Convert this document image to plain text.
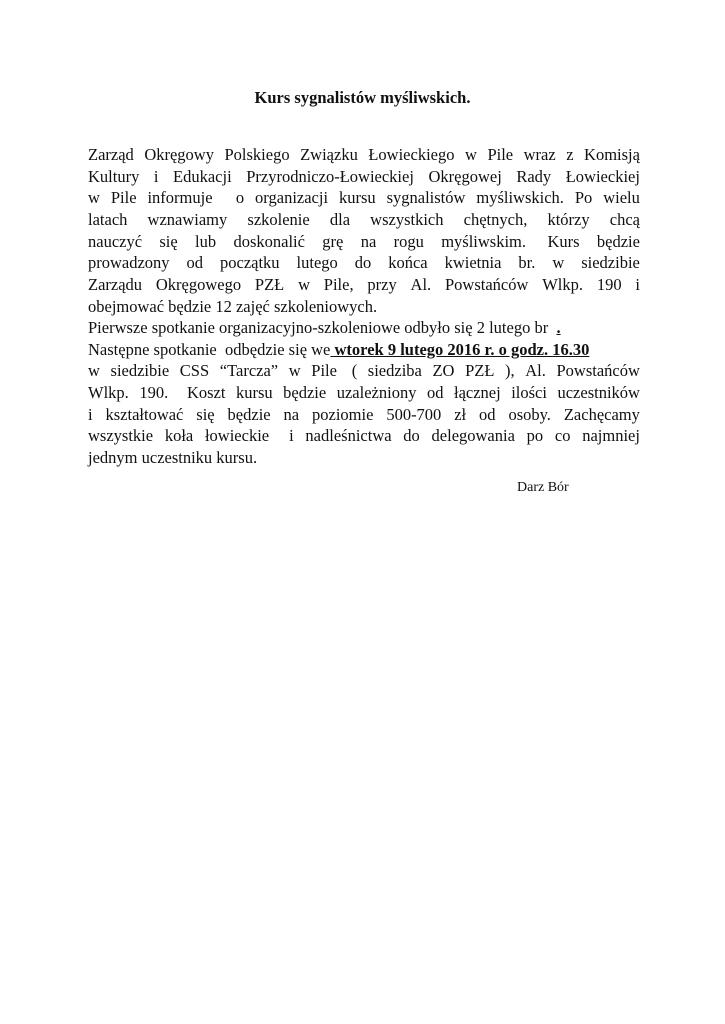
Kurs sygnalistów myśliwskich.
Zarząd Okręgowy Polskiego Związku Łowieckiego w Pile wraz z Komisją
Kultury i Edukacji Przyrodniczo-Łowieckiej Okręgowej Rady Łowieckiej
w Pile informuje o organizacji kursu sygnalistów myśliwskich. Po wielu
latach wznawiamy szkolenie dla wszystkich chętnych, którzy chcą
nauczyć się lub doskonalić grę na rogu myśliwskim. Kurs będzie
prowadzony od początku lutego do końca kwietnia br. w siedzibie
Zarządu Okręgowego PZŁ w Pile, przy Al. Powstańców Wlkp. 190 i
obejmować będzie 12 zajęć szkoleniowych.
Pierwsze spotkanie organizacyjno-szkoleniowe odbyło się 2 lutego br .
Następne spotkanie  odbędzie się we wtorek 9 lutego 2016 r. o godz. 16.30
w siedzibie CSS “Tarcza” w Pile ( siedziba ZO PZŁ ), Al. Powstańców
Wlkp. 190. Koszt kursu będzie uzależniony od łącznej ilości uczestników
i kształtować się będzie na poziomie 500-700 zł od osoby. Zachęcamy
wszystkie koła łowieckie i nadleśnictwa do delegowania po co najmniej
jednym uczestniku kursu.
Darz Bór
